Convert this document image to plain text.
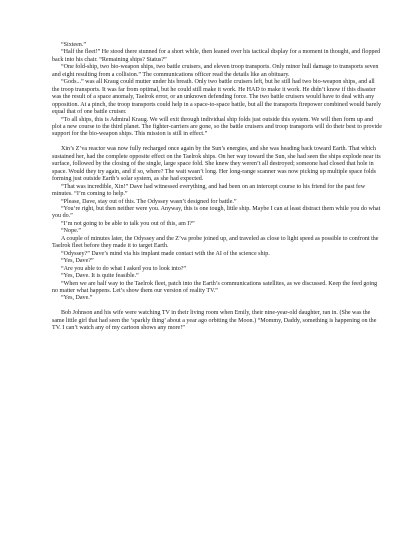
“Sixteen.”

“Half the fleet!” He stood there stunned for a short while, then leaned over his tactical display for a moment in thought, and flopped back into his chair. “Remaining ships? Status?”

“One fold-ship, two bio-weapon ships, two battle cruisers, and eleven troop transports. Only minor hull damage to transports seven and eight resulting from a collision.” The communications officer read the details like an obituary.

“Gods...” was all Kraug could mutter under his breath. Only two battle cruisers left, but he still had two bio-weapon ships, and all the troop transports. It was far from optimal, but he could still make it work. He HAD to make it work. He didn’t know if this disaster was the result of a space anomaly, Taelrok error, or an unknown defending force. The two battle cruisers would have to deal with any opposition. At a pinch, the troop transports could help in a space-to-space battle, but all the transports firepower combined would barely equal that of one battle cruiser.

“To all ships, this is Admiral Kraug. We will exit through individual ship folds just outside this system. We will then form up and plot a new course to the third planet. The fighter-carriers are gone, so the battle cruisers and troop transports will do their best to provide support for the bio-weapon ships. This mission is still in effect.”

Xin’s Z’va reactor was now fully recharged once again by the Sun’s energies, and she was heading back toward Earth. That which sustained her, had the complete opposite effect on the Taelrok ships. On her way toward the Sun, she had seen the ships explode near its surface, followed by the closing of the single, large space fold. She knew they weren’t all destroyed; someone had closed that hole in space. Would they try again, and if so, where? The wait wasn’t long. Her long-range scanner was now picking up multiple space folds forming just outside Earth’s solar system, as she had expected.

“That was incredible, Xin!” Dave had witnessed everything, and had been on an intercept course to his friend for the past few minutes. “I’m coming to help.”

“Please, Dave, stay out of this. The Odyssey wasn’t designed for battle.”

“You’re right, but then neither were you. Anyway, this is one tough, little ship. Maybe I can at least distract them while you do what you do.”

“I’m not going to be able to talk you out of this, am I?”

“Nope.”

A couple of minutes later, the Odyssey and the Z’va probe joined up, and traveled as close to light speed as possible to confront the Taelrok fleet before they made it to target Earth.

“Odyssey?” Dave’s mind via his implant made contact with the AI of the science ship.

“Yes, Dave?”

“Are you able to do what I asked you to look into?”

“Yes, Dave. It is quite feasible.”

“When we are half way to the Taelrok fleet, patch into the Earth’s communications satellites, as we discussed. Keep the feed going no matter what happens. Let’s show them our version of reality TV.”

“Yes, Dave.”

Bob Johnson and his wife were watching TV in their living room when Emily, their nine-year-old daughter, ran in. (She was the same little girl that had seen the ‘sparkly thing’ about a year ago orbiting the Moon.) “Mommy, Daddy, something is happening on the TV. I can’t watch any of my cartoon shows any more!”
